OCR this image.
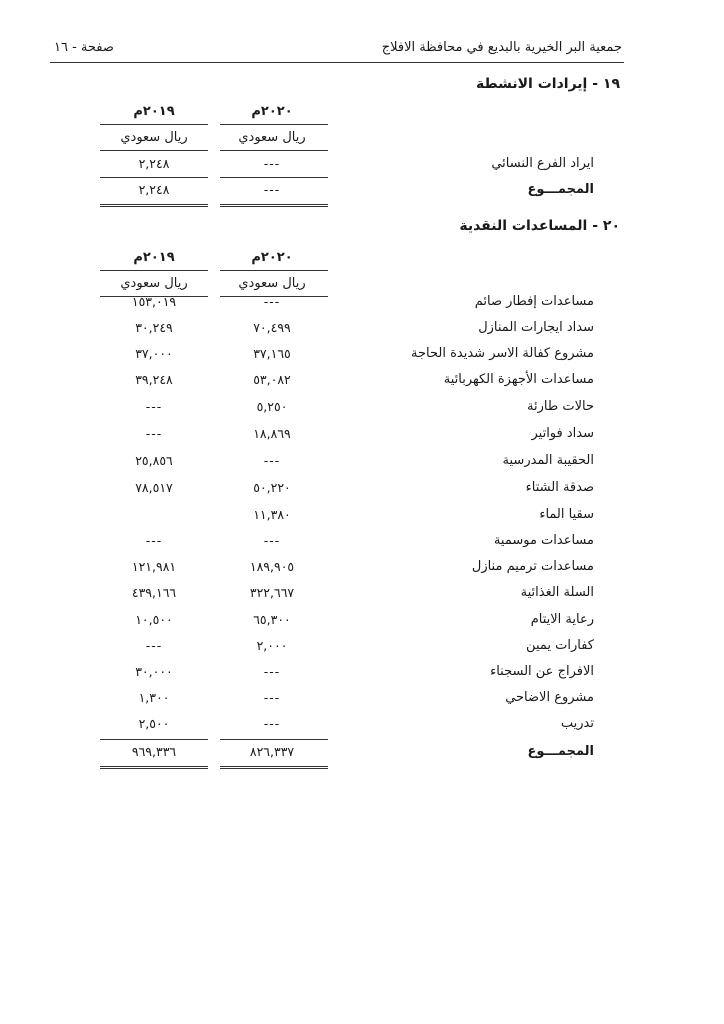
جمعية البر الخيرية بالبديع في محافظة الافلاج
صفحة - ١٦
١٩ - إيرادات الانشطة
٢٠٢٠م
٢٠١٩م
ريال سعودي
ريال سعودي
ايراد الفرع النسائي
---
٢,٢٤٨
المجمـــوع
---
٢,٢٤٨
٢٠ - المساعدات النقدية
٢٠٢٠م
٢٠١٩م
ريال سعودي
ريال سعودي
مساعدات إفطار صائم
---
١٥٣,٠١٩
سداد ايجارات المنازل
٧٠,٤٩٩
٣٠,٢٤٩
مشروع كفالة الاسر شديدة الحاجة
٣٧,١٦٥
٣٧,٠٠٠
مساعدات الأجهزة الكهربائية
٥٣,٠٨٢
٣٩,٢٤٨
حالات طارئة
٥,٢٥٠
---
سداد فواتير
١٨,٨٦٩
---
الحقيبة المدرسية
---
٢٥,٨٥٦
صدقة الشتاء
٥٠,٢٢٠
٧٨,٥١٧
سقيا الماء
١١,٣٨٠
مساعدات موسمية
---
---
مساعدات ترميم منازل
١٨٩,٩٠٥
١٢١,٩٨١
السلة الغذائية
٣٢٢,٦٦٧
٤٣٩,١٦٦
رعاية الايتام
٦٥,٣٠٠
١٠,٥٠٠
كفارات يمين
٢,٠٠٠
---
الافراج عن السجناء
---
٣٠,٠٠٠
مشروع الاضاحي
---
١,٣٠٠
تدريب
---
٢,٥٠٠
المجمـــوع
٨٢٦,٣٣٧
٩٦٩,٣٣٦
